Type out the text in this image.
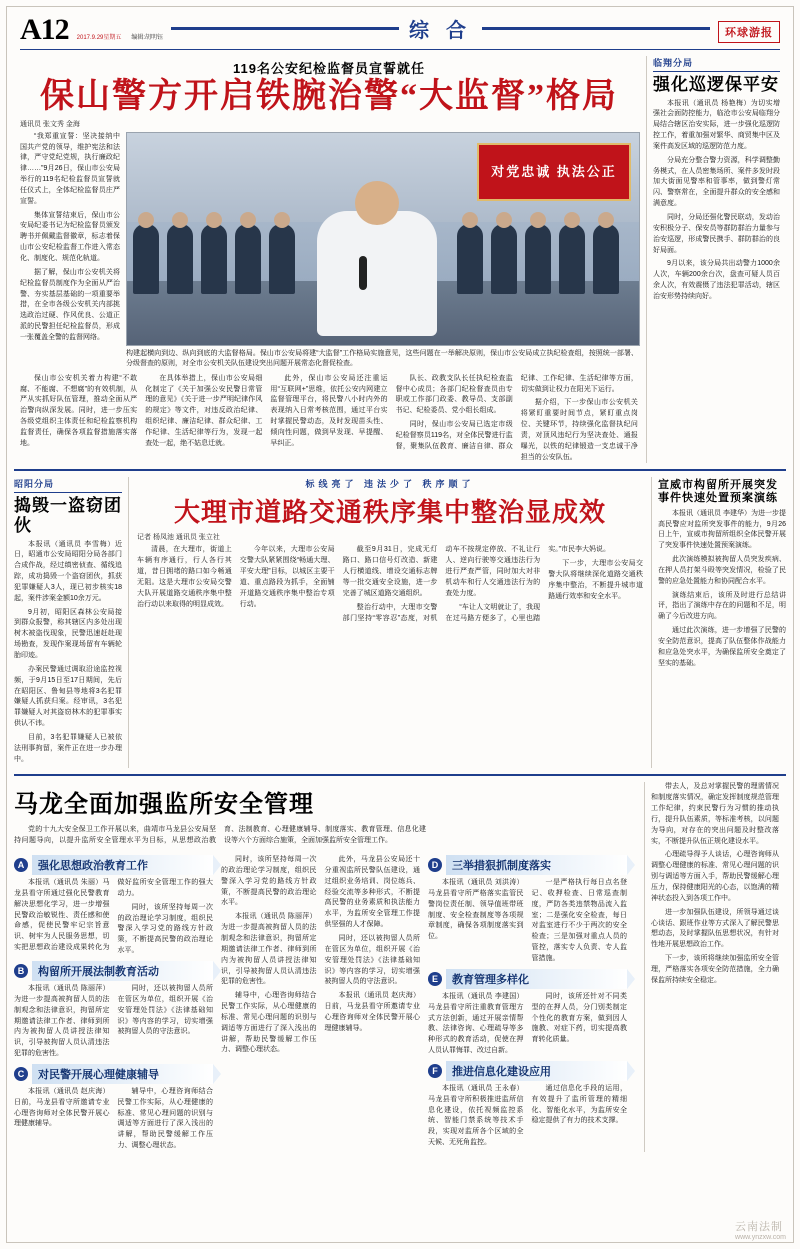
A12 2017.9.29星期五 编辑:胡明钰	综 合	环球游报
119名公安纪检监督员宣誓就任
保山警方开启铁腕治警“大监督”格局
通讯员 张文秀 金海

“我郑重宣誓：坚决接纳中国共产党的领导，维护宪法和法律，严守党纪党规，执行廉政纪律……”9月26日，保山市公安局举行的119名纪检监督员宣誓就任仪式上，全体纪检监督员庄严宣誓。

集体宣誓结束后，保山市公安局纪委书记为纪检监督员颁发聘书并佩戴监督徽章，标志着保山市公安纪检监督工作进入常态化、制度化、规范化轨道。

据了解，保山市公安机关将纪检监督员制度作为全面从严治警、夯实基层基础的一项重要举措，在全市各级公安机关内部挑选政治过硬、作风优良、公道正派的民警担任纪检监督员，形成一张覆盖全警的监督网络。

对党忠诚 执法公正
构建起横向到边、纵向到底的大监督格局。保山市公安局将建“大监督”工作格局实施意见，这些问题在一举解决原则，保山市公安局成立执纪检查组，按照统一部署、分级督查的原则，对全市公安机关队伍建设突出问题开展常态化督促检查。

保山市公安机关着力构建“不敢腐、不能腐、不想腐”的有效机制，从严从实抓好队伍管理，推动全面从严治警向纵深发展。同时，进一步压实各级党组织主体责任和纪检监察机构监督责任，确保各项监督措施落实落地。

在具体举措上，保山市公安局细化制定了《关于加强公安民警日常管理的意见》《关于进一步严明纪律作风的规定》等文件，对违反政治纪律、组织纪律、廉洁纪律、群众纪律、工作纪律、生活纪律等行为，发现一起查处一起，绝不姑息迁就。

此外，保山市公安局还注重运用“互联网+”思维，依托公安内网建立监督管理平台，将民警八小时内外的表现纳入日常考核范围，通过平台实时掌握民警动态，及时发现苗头性、倾向性问题，做到早发现、早提醒、早纠正。

队长、政教支队长任执纪检查监督中心成员；各部门纪检督查员由专职或工作部门政委、教导员、支部副书记、纪检委员、党小组长组成。

同时，保山市公安局已选定市级纪检督察员119名，对全体民警进行监督，聚集队伍教育、廉洁自律、群众纪律、工作纪律、生活纪律等方面，切实做到让权力在阳光下运行。

据介绍，下一步保山市公安机关将紧盯重要时间节点，紧盯重点岗位、关键环节，持续强化监督执纪问责，对顶风违纪行为坚决查处、通报曝光，以铁的纪律锻造一支忠诚干净担当的公安队伍。

临翔分局
强化巡逻保平安

本报讯（通讯员 杨艳梅）为切实增强社会面防控能力，临沧市公安局临翔分局结合辖区治安实际，进一步强化巡逻防控工作，着重加强对繁华、商贸集中区及案件高发区域的巡逻防范力度。

分局充分整合警力资源，科学调整勤务模式，在人员密集场所、案件多发时段加大街面见警率和管事率，做到警灯常闪、警察常在，全面提升群众的安全感和满意度。

同时，分局还强化警民联动，发动治安积极分子、保安员等群防群治力量参与治安巡逻，形成警民携手、群防群治的良好局面。

9月以来，该分局共出动警力1000余人次，车辆200余台次，盘查可疑人员百余人次，有效震慑了违法犯罪活动，辖区治安形势持续向好。

昭阳分局
捣毁一盗窃团伙

本报讯（通讯员 李雪梅）近日，昭通市公安局昭阳分局各部门合成作战，经过缜密侦查、循线追踪，成功捣毁一个盗窃团伙，抓获犯罪嫌疑人3人，现已初步核实18起，案件涉案金额10余万元。

9月初，昭阳区森林公安局接到群众报警，称其辖区内多处出现树木被盗伐现象，民警迅速赶赴现场勘查，发现作案现场留有车辆轮胎印迹。

办案民警通过调取沿途监控视频，于9月15日至17日期间，先后在昭阳区、鲁甸县等地将3名犯罪嫌疑人抓获归案。经审讯，3名犯罪嫌疑人对其盗窃林木的犯罪事实供认不讳。

目前，3名犯罪嫌疑人已被依法刑事拘留，案件正在进一步办理中。

标线亮了 违法少了 秩序顺了
大理市道路交通秩序集中整治显成效
记者 杨凤池 通讯员 张立社

清晨，在大理市，街道上车辆有序通行，行人各行其道，昔日拥堵的路口如今畅通无阻。这是大理市公安局交警大队开展道路交通秩序集中整治行动以来取得的明显成效。

今年以来，大理市公安局交警大队紧紧围绕“畅通大理、平安大理”目标，以城区主要干道、重点路段为抓手，全面铺开道路交通秩序集中整治专项行动。

截至9月31日，完成无灯路口、路口信号灯改造、新建人行横道线、增设交通标志牌等一批交通安全设施，进一步完善了城区道路交通组织。

整治行动中，大理市交警部门坚持“零容忍”态度，对机动车不按规定停放、不礼让行人、逆向行驶等交通违法行为进行严查严管，同时加大对非机动车和行人交通违法行为的查处力度。

“车让人文明就让了，我现在过马路方便多了，心里也踏实。”市民李大妈说。

下一步，大理市公安局交警大队将继续深化道路交通秩序集中整治，不断提升城市道路通行效率和安全水平。

宣威市构留所开展突发事件快速处置预案演练

本报讯（通讯员 李建华）为进一步提高民警应对监所突发事件的能力，9月26日上午，宣威市拘留所组织全体民警开展了突发事件快速处置预案演练。

此次演练模拟被拘留人员突发疾病、在押人员打架斗殴等突发情况，检验了民警的应急处置能力和协同配合水平。

演练结束后，该所及时进行总结讲评，指出了演练中存在的问题和不足，明确了今后改进方向。

通过此次演练，进一步增强了民警的安全防范意识，提高了队伍整体作战能力和应急处突水平，为确保监所安全奠定了坚实的基础。

马龙全面加强监所安全管理

党的十九大安全保卫工作开展以来，曲靖市马龙县公安局坚持问题导向，以提升监所安全管理水平为目标，从思想政治教育、法制教育、心理健康辅导、制度落实、教育管理、信息化建设等六个方面综合施策，全面加强监所安全管理工作。

A	强化思想政治教育工作

本报讯（通讯员 朱丽）马龙县看守所通过强化民警教育解决思想化学习，进一步增强民警政治敏锐性、责任感和使命感，促使民警牢记宗旨意识、树牢为人民服务思想，切实把思想政治建设成果转化为做好监所安全管理工作的强大动力。

同时，该所坚持每周一次的政治理论学习制度，组织民警深入学习党的路线方针政策，不断提高民警的政治理论水平。

B	构留所开展法制教育活动

本报讯（通讯员 陈丽萍）为进一步提高被拘留人员的法制观念和法律意识，拘留所定期邀请法律工作者、律师到所内为被拘留人员讲授法律知识，引导被拘留人员认清违法犯罪的危害性。

同时，还以被拘留人员所在管区为单位，组织开展《治安管理处罚法》《法律基础知识》等内容的学习，切实增强被拘留人员的守法意识。

C	对民警开展心理健康辅导

本报讯（通讯员 赵庆海）日前，马龙县看守所邀请专业心理咨询师对全体民警开展心理健康辅导。

辅导中，心理咨询师结合民警工作实际，从心理健康的标准、常见心理问题的识别与调适等方面进行了深入浅出的讲解，帮助民警缓解工作压力、调整心理状态。

同时，该所坚持每周一次的政治理论学习制度，组织民警深入学习党的路线方针政策，不断提高民警的政治理论水平。

本报讯（通讯员 陈丽萍）为进一步提高被拘留人员的法制观念和法律意识，拘留所定期邀请法律工作者、律师到所内为被拘留人员讲授法律知识，引导被拘留人员认清违法犯罪的危害性。

辅导中，心理咨询师结合民警工作实际，从心理健康的标准、常见心理问题的识别与调适等方面进行了深入浅出的讲解，帮助民警缓解工作压力、调整心理状态。

此外，马龙县公安局还十分重视监所民警队伍建设，通过组织业务培训、岗位练兵、经验交流等多种形式，不断提高民警的业务素质和执法能力水平，为监所安全管理工作提供坚强的人才保障。

同时，还以被拘留人员所在管区为单位，组织开展《治安管理处罚法》《法律基础知识》等内容的学习，切实增强被拘留人员的守法意识。

本报讯（通讯员 赵庆海）日前，马龙县看守所邀请专业心理咨询师对全体民警开展心理健康辅导。

D	三举措狠抓制度落实

本报讯（通讯员 刘洪涛）马龙县看守所严格落实监管民警岗位责任制、领导值班带班制度、安全检查制度等各项规章制度，确保各项制度落实到位。

一是严格执行每日点名登记、收押检查、日常巡查制度，严防各类违禁物品流入监室；二是强化安全检查，每日对监室进行不少于两次的安全检查；三是加强对重点人员的管控，落实专人负责、专人监管措施。

E	教育管理多样化

本报讯（通讯员 李建国）马龙县看守所注重教育管理方式方法创新，通过开展亲情帮教、法律咨询、心理疏导等多种形式的教育活动，促使在押人员认罪悔罪、改过自新。

同时，该所还针对不同类型的在押人员，分门别类制定个性化的教育方案，做到因人施教、对症下药，切实提高教育转化质量。

F	推进信息化建设应用

本报讯（通讯员 王永春）马龙县看守所积极推进监所信息化建设，依托视频监控系统、智能门禁系统等技术手段，实现对监所各个区域的全天候、无死角监控。

通过信息化手段的运用，有效提升了监所管理的精细化、智能化水平，为监所安全稳定提供了有力的技术支撑。

带去人，及总对掌握民警的理需情况和制度落实情况，确定发挥制度规范管理工作纪律，约束民警行为习惯的推动执行，提升队伍素质，等标准考核，以问题为导向，对存在的突出问题及时整改落实，不断提升队伍正规化建设水平。

心理疏导得予人谈话，心理咨询师从调整心理健康的标准、常见心理问题的识别与调适等方面入手，帮助民警缓解心理压力，保持健康阳光的心态，以饱满的精神状态投入到各项工作中。

进一步加强队伍建设，所领导通过谈心谈话、跟班作业等方式深入了解民警思想动态，及时掌握队伍思想状况，有针对性地开展思想政治工作。

下一步，该所将继续加强监所安全管理，严格落实各项安全防范措施，全力确保监所持续安全稳定。

云南法制
www.ynzxw.com
